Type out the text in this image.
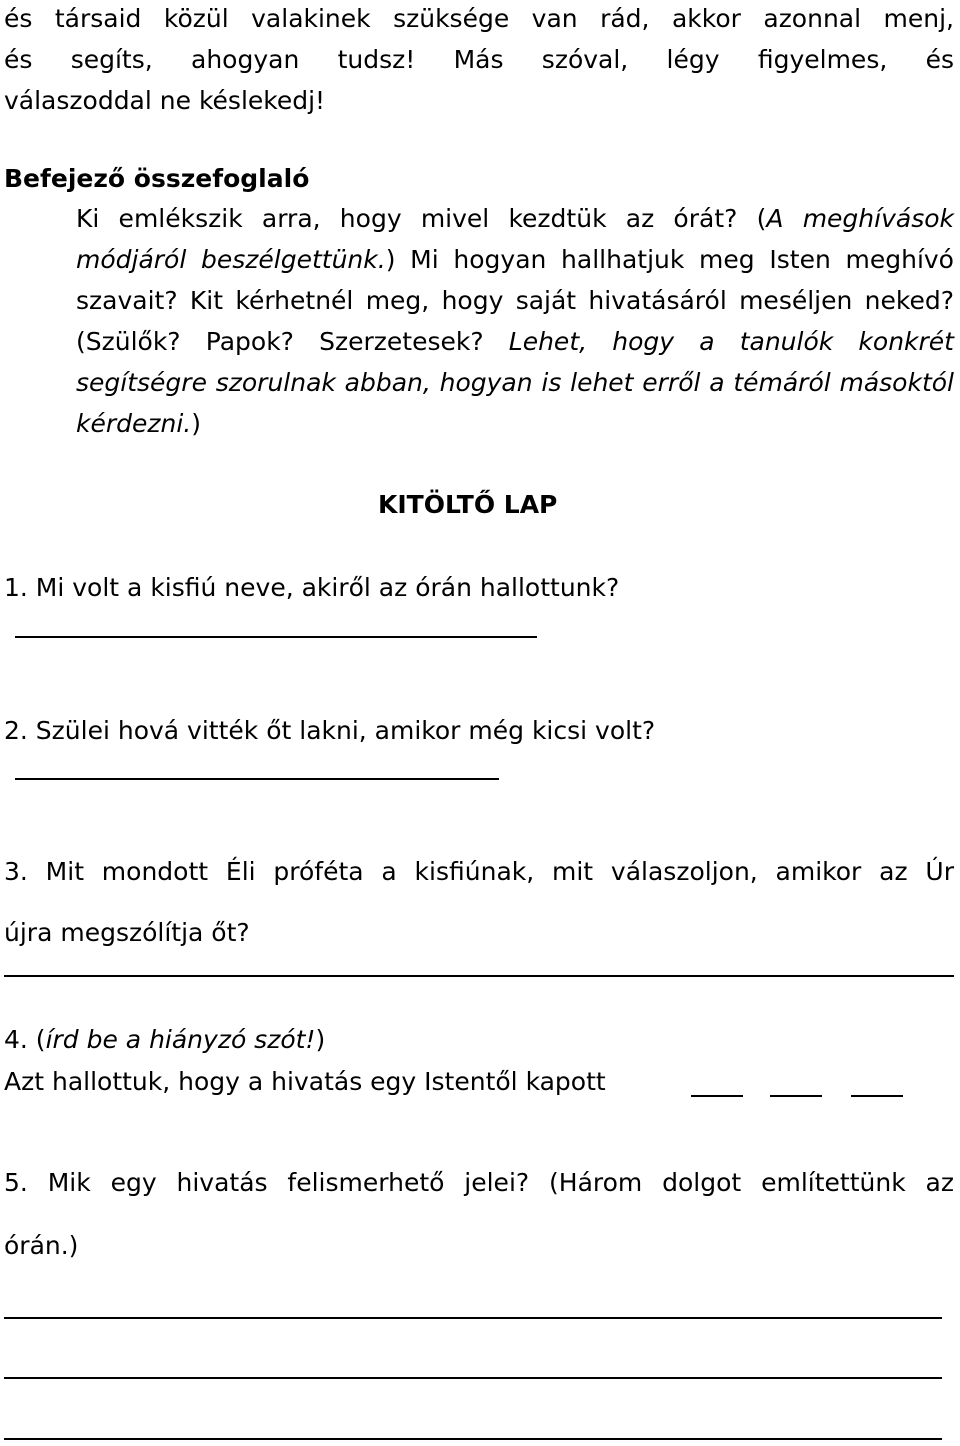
és társaid közül valakinek szüksége van rád, akkor azonnal menj,
és segíts, ahogyan tudsz! Más szóval, légy figyelmes, és
válaszoddal ne késlekedj!
Befejező összefoglaló

Ki emlékszik arra, hogy mivel kezdtük az órát? (A meghívások módjáról beszélgettünk.) Mi hogyan hallhatjuk meg Isten meghívó szavait? Kit kérhetnél meg, hogy saját hivatásáról meséljen neked? (Szülők? Papok? Szerzetesek? Lehet, hogy a tanulók konkrét segítségre szorulnak abban, hogyan is lehet erről a témáról másoktól kérdezni.)

KITÖLTŐ LAP
1. Mi volt a kisfiú neve, akiről az órán hallottunk?
2. Szülei hová vitték őt lakni, amikor még kicsi volt?
3. Mit mondott Éli próféta a kisfiúnak, mit válaszoljon, amikor az Úr
újra megszólítja őt?
4. (írd be a hiányzó szót!)
Azt hallottuk, hogy a hivatás egy Istentől kapott
5. Mik egy hivatás felismerhető jelei? (Három dolgot említettünk az
órán.)
